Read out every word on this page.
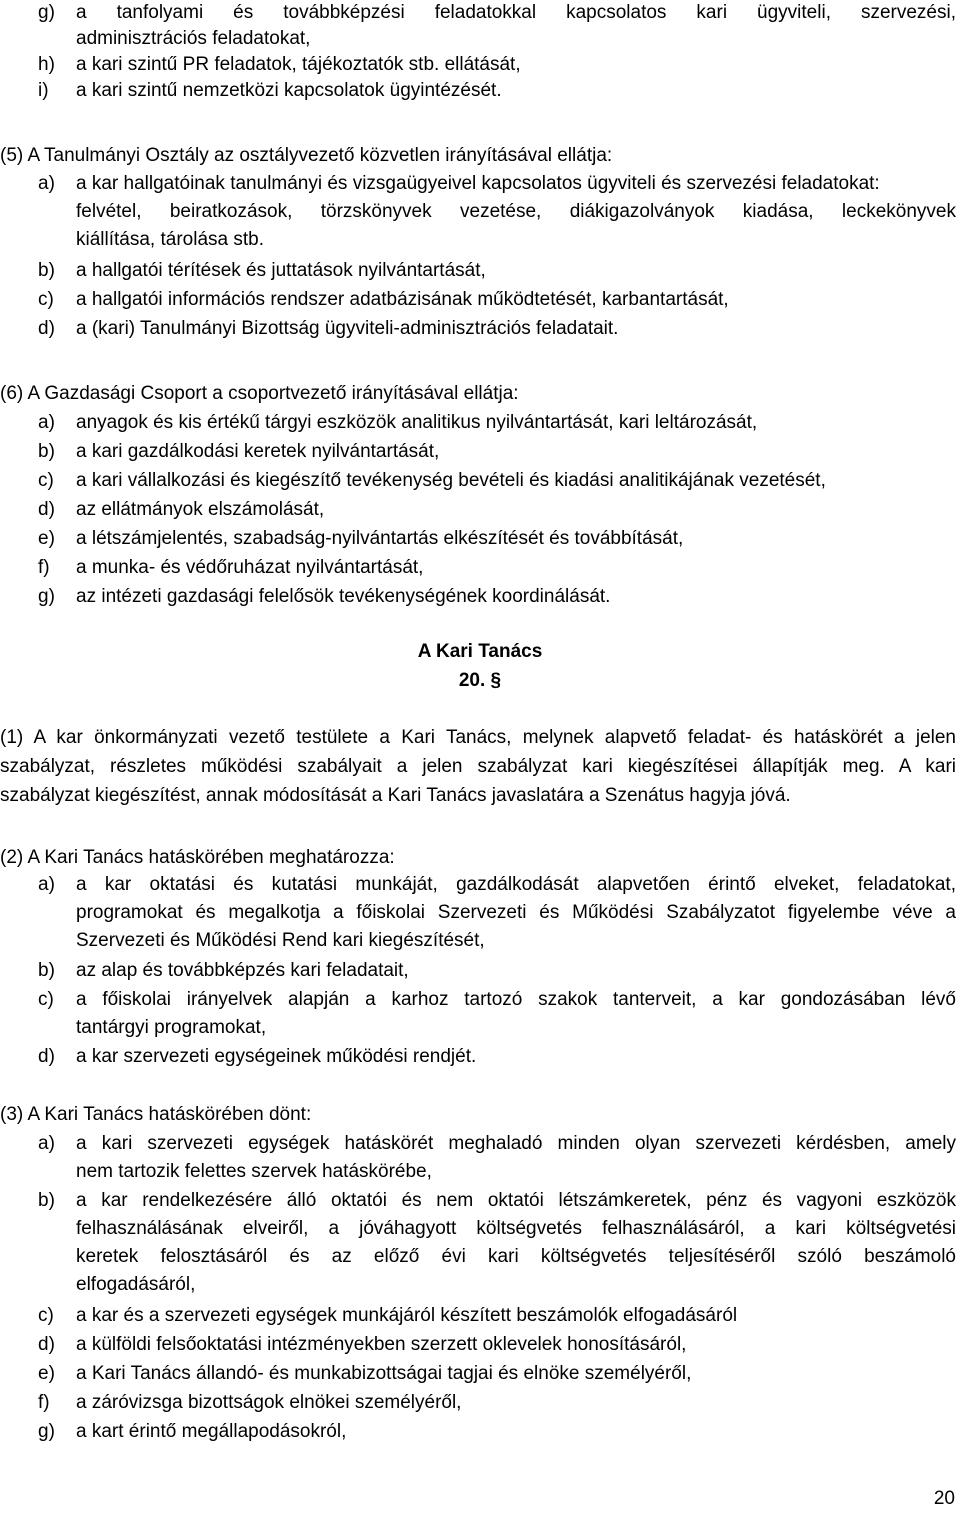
g) a tanfolyami és továbbképzési feladatokkal kapcsolatos kari ügyviteli, szervezési,
adminisztrációs feladatokat,
h) a kari szintű PR feladatok, tájékoztatók stb. ellátását,
i) a kari szintű nemzetközi kapcsolatok ügyintézését.
(5) A Tanulmányi Osztály az osztályvezető közvetlen irányításával ellátja:
a) a kar hallgatóinak tanulmányi és vizsgaügyeivel kapcsolatos ügyviteli és szervezési feladatokat:
felvétel, beiratkozások, törzskönyvek vezetése, diákigazolványok kiadása, leckekönyvek
kiállítása, tárolása stb.
b) a hallgatói térítések és juttatások nyilvántartását,
c) a hallgatói információs rendszer adatbázisának működtetését, karbantartását,
d) a (kari) Tanulmányi Bizottság ügyviteli-adminisztrációs feladatait.
(6) A Gazdasági Csoport a csoportvezető irányításával ellátja:
a) anyagok és kis értékű tárgyi eszközök analitikus nyilvántartását, kari leltározását,
b) a kari gazdálkodási keretek nyilvántartását,
c) a kari vállalkozási és kiegészítő tevékenység bevételi és kiadási analitikájának vezetését,
d) az ellátmányok elszámolását,
e) a létszámjelentés, szabadság-nyilvántartás elkészítését és továbbítását,
f) a munka- és védőruházat nyilvántartását,
g) az intézeti gazdasági felelősök tevékenységének koordinálását.
A Kari Tanács
20. §
(1) A kar önkormányzati vezető testülete a Kari Tanács, melynek alapvető feladat- és hatáskörét a jelen
szabályzat, részletes működési szabályait a jelen szabályzat kari kiegészítései állapítják meg. A kari
szabályzat kiegészítést, annak módosítását a Kari Tanács javaslatára a Szenátus hagyja jóvá.
(2) A Kari Tanács hatáskörében meghatározza:
a) a kar oktatási és kutatási munkáját, gazdálkodását alapvetően érintő elveket, feladatokat,
programokat és megalkotja a főiskolai Szervezeti és Működési Szabályzatot figyelembe véve a
Szervezeti és Működési Rend kari kiegészítését,
b) az alap és továbbképzés kari feladatait,
c) a főiskolai irányelvek alapján a karhoz tartozó szakok tanterveit, a kar gondozásában lévő
tantárgyi programokat,
d) a kar szervezeti egységeinek működési rendjét.
(3) A Kari Tanács hatáskörében dönt:
a) a kari szervezeti egységek hatáskörét meghaladó minden olyan szervezeti kérdésben, amely
nem tartozik felettes szervek hatáskörébe,
b) a kar rendelkezésére álló oktatói és nem oktatói létszámkeretek, pénz és vagyoni eszközök
felhasználásának elveiről, a jóváhagyott költségvetés felhasználásáról, a kari költségvetési
keretek felosztásáról és az előző évi kari költségvetés teljesítéséről szóló beszámoló
elfogadásáról,
c) a kar és a szervezeti egységek munkájáról készített beszámolók elfogadásáról
d) a külföldi felsőoktatási intézményekben szerzett oklevelek honosításáról,
e) a Kari Tanács állandó- és munkabizottságai tagjai és elnöke személyéről,
f) a záróvizsga bizottságok elnökei személyéről,
g) a kart érintő megállapodásokról,
20
